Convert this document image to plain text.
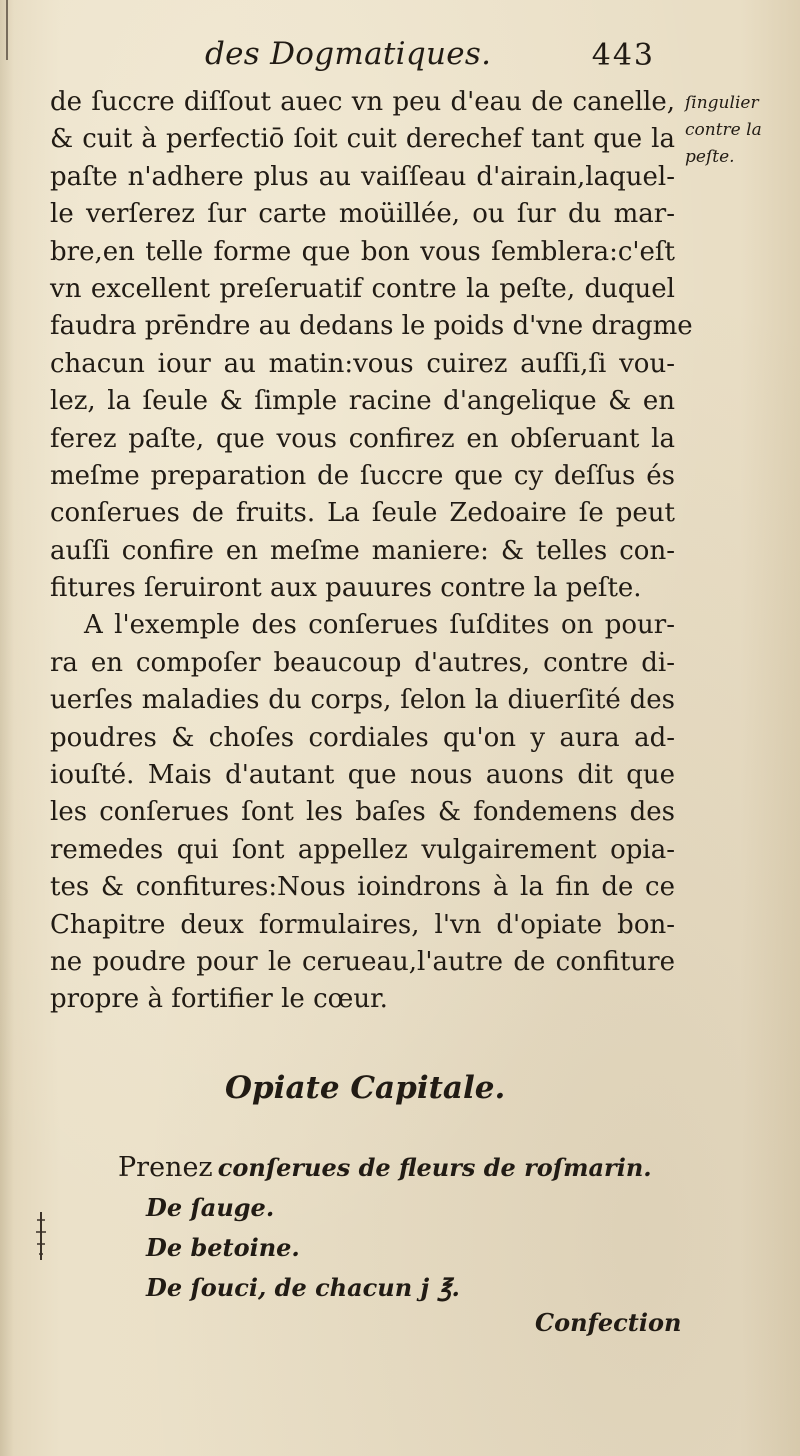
des Dogmatiques.	443
ſingulier
contre la
peſte.
de ſuccre diſſout auec vn peu d'eau de canelle,
& cuit à perfectiō ſoit cuit derechef tant que la
paſte n'adhere plus au vaiſſeau d'airain,laquel-
le verſerez ſur carte moüillée, ou ſur du mar-
bre,en telle forme que bon vous ſemblera:c'eſt
vn excellent preſeruatif contre la peſte, duquel
faudra prēndre au dedans le poids d'vne dragme
chacun iour au matin:vous cuirez auſſi,ſi vou-
lez, la ſeule & ſimple racine d'angelique & en
ferez paſte, que vous confirez en obſeruant la
meſme preparation de ſuccre que cy deſſus és
conſerues de fruits. La ſeule Zedoaire ſe peut
auſſi confire en meſme maniere: & telles con-
fitures ſeruiront aux pauures contre la peſte.
A l'exemple des conſerues ſuſdites on pour-
ra en compoſer beaucoup d'autres, contre di-
uerſes maladies du corps, ſelon la diuerſité des
poudres & choſes cordiales qu'on y aura ad-
iouſté. Mais d'autant que nous auons dit que
les conſerues ſont les baſes & fondemens des
remedes qui ſont appellez vulgairement opia-
tes & confitures:Nous ioindrons à la fin de ce
Chapitre deux formulaires, l'vn d'opiate bon-
ne poudre pour le cerueau,l'autre de confiture
propre à fortifier le cœur.
Opiate Capitale.
Prenez conſerues de fleurs de roſmarin.
De ſauge.
De betoine.
De ſouci, de chacun j ℥.
Confection
